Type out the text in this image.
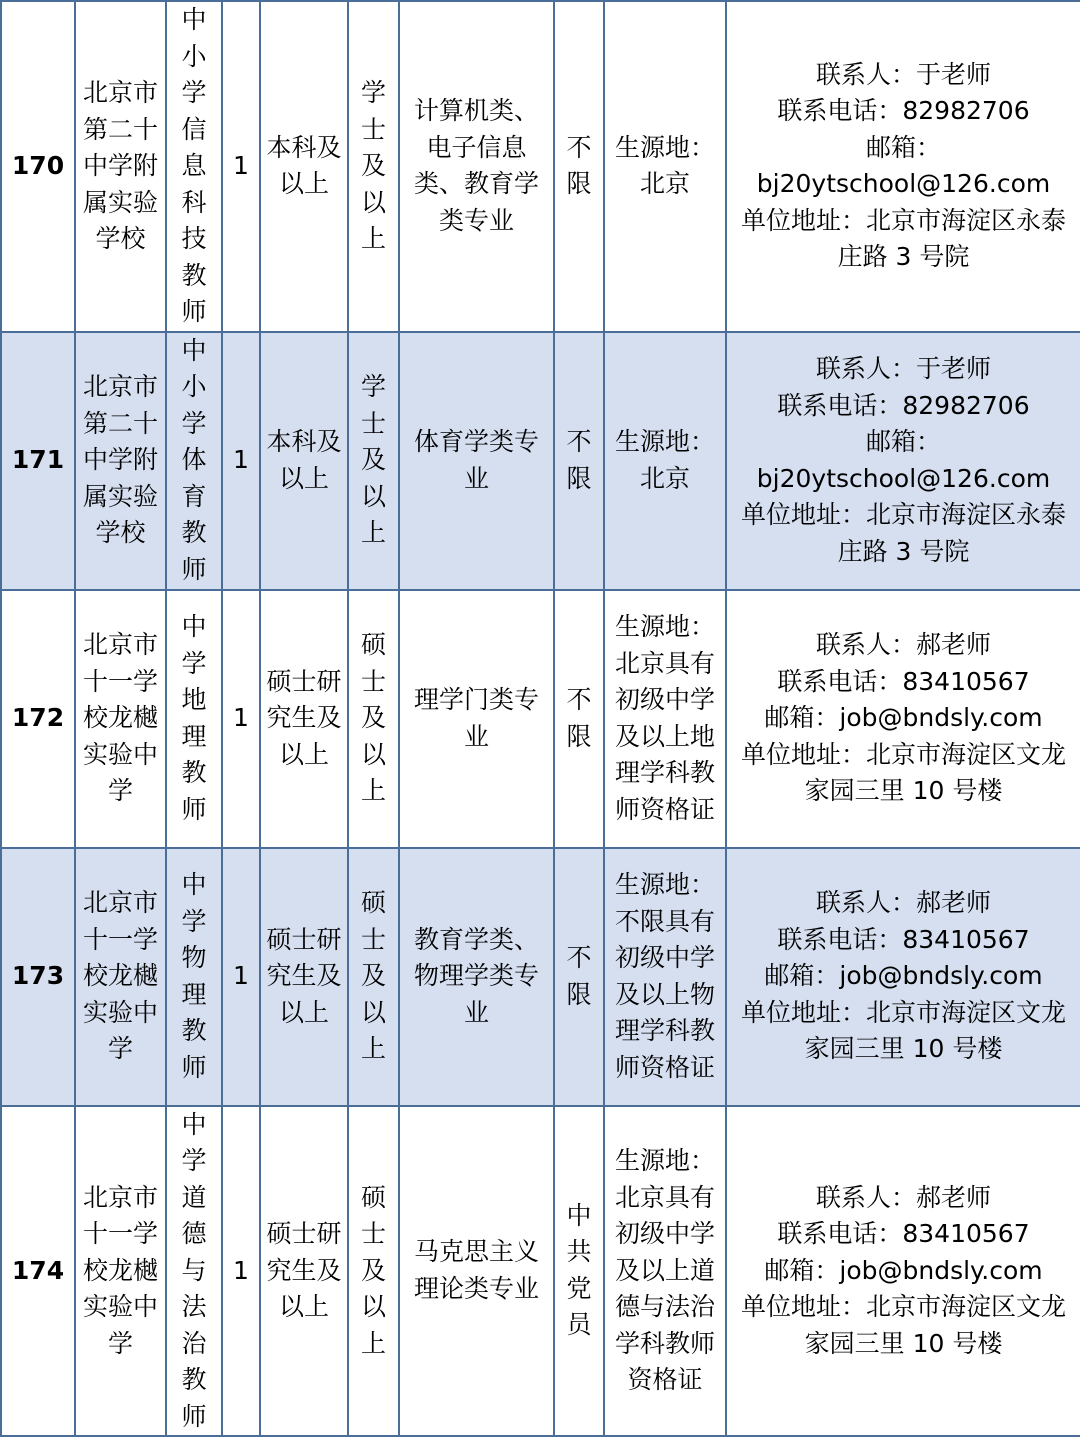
170	北京市第二十中学附属实验学校	中小学信息科技教师	1	本科及以上	学士及以上	计算机类、电子信息类、教育学类专业	不限	生源地：北京	联系人：于老师
联系电话：82982706
邮箱：
bj20ytschool@126.com
单位地址：北京市海淀区永泰庄路 3 号院

171	北京市第二十中学附属实验学校	中小学体育教师	1	本科及以上	学士及以上	体育学类专业	不限	生源地：北京	联系人：于老师
联系电话：82982706
邮箱：
bj20ytschool@126.com
单位地址：北京市海淀区永泰庄路 3 号院

172	北京市十一学校龙樾实验中学	中学地理教师	1	硕士研究生及以上	硕士及以上	理学门类专业	不限	生源地：北京具有初级中学及以上地理学科教师资格证	联系人：郝老师
联系电话：83410567
邮箱：job@bndsly.com
单位地址：北京市海淀区文龙家园三里 10 号楼

173	北京市十一学校龙樾实验中学	中学物理教师	1	硕士研究生及以上	硕士及以上	教育学类、物理学类专业	不限	生源地：不限具有初级中学及以上物理学科教师资格证	联系人：郝老师
联系电话：83410567
邮箱：job@bndsly.com
单位地址：北京市海淀区文龙家园三里 10 号楼

174	北京市十一学校龙樾实验中学	中学道德与法治教师	1	硕士研究生及以上	硕士及以上	马克思主义理论类专业	中共党员	生源地：北京具有初级中学及以上道德与法治学科教师资格证	联系人：郝老师
联系电话：83410567
邮箱：job@bndsly.com
单位地址：北京市海淀区文龙家园三里 10 号楼
